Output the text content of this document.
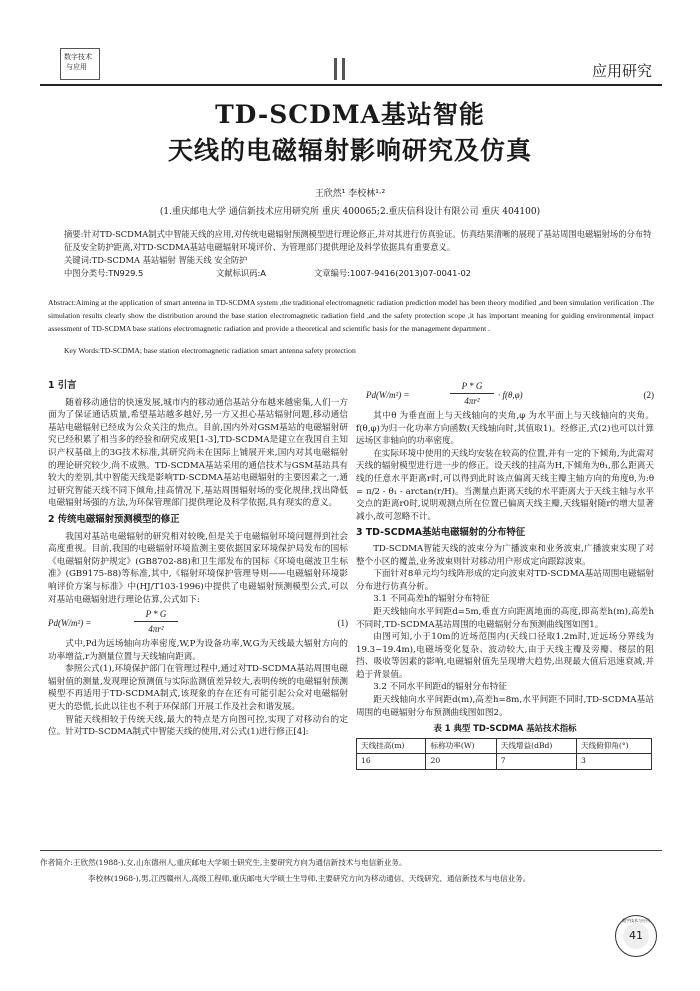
数字技术
与应用	应用研究
TD-SCDMA基站智能
天线的电磁辐射影响研究及仿真
王欣然¹ 李校林¹·²
(1.重庆邮电大学 通信新技术应用研究所 重庆 400065;2.重庆信科设计有限公司 重庆 404100)
摘要:针对TD-SCDMA制式中智能天线的应用,对传统电磁辐射预测模型进行理论修正,并对其进行仿真验证。仿真结果清晰的展现了基站周围电磁辐射场的分布特征及安全防护距离,对TD-SCDMA基站电磁辐射环境评价、为管理部门提供理论及科学依据具有重要意义。
关键词:TD-SCDMA 基站辐射 智能天线 安全防护
中图分类号:TN929.5	文献标识码:A	文章编号:1007-9416(2013)07-0041-02
Abstract:Aiming at the application of smart antenna in TD-SCDMA system ,the traditional electromagnetic radiation prediction model has been theory modified ,and been simulation verification .The simulation results clearly show the distribution around the base station electromagnetic radiation field ,and the safety protection scope ,it has important meaning for guiding environmental impact assessment of TD-SCDMA base stations electromagnetic radiation and provide a theoretical and scientific basis for the management department .
Key Words:TD-SCDMA; base station electromagnetic radiation smart antenna safety protection
1 引言

随着移动通信的快速发展,城市内的移动通信基站分布越来越密集,人们一方面为了保证通话质量,希望基站越多越好,另一方又担心基站辐射问题,移动通信基站电磁辐射已经成为公众关注的焦点。目前,国内外对GSM基站的电磁辐射研究已经积累了相当多的经验和研究成果[1-3],TD-SCDMA是建立在我国自主知识产权基础上的3G技术标准,其研究尚未在国际上铺展开来,国内对其电磁辐射的理论研究较少,尚不成熟。TD-SCDMA基站采用的通信技术与GSM基站具有较大的差别,其中智能天线是影响TD-SCDMA基站电磁辐射的主要因素之一,通过研究智能天线不同下倾角,挂高情况下,基站周围辐射场的变化规律,找出降低电磁辐射场强的方法,为环保管理部门提供理论及科学依据,具有现实的意义。

2 传统电磁辐射预测模型的修正

我国对基站电磁辐射的研究相对较晚,但是关于电磁辐射环境问题得到社会高度重视。目前,我国的电磁辐射环境监测主要依据国家环境保护局发布的国标《电磁辐射防护规定》(GB8702-88)和卫生部发布的国标《环境电磁波卫生标准》(GB9175-88)等标准,其中,《辐射环境保护管理导则——电磁辐射环境影响评价方案与标准》中(HJ/T103-1996)中提供了电磁辐射预测模型公式,可以对基站电磁辐射进行理论估算,公式如下:

Pd(W/m²) =
P * G
4πr²
(1)

式中,Pd为远场轴向功率密度,W,P为设备功率,W,G为天线最大辐射方向的功率增益,r为测量位置与天线轴向距离。

参照公式(1),环境保护部门在管理过程中,通过对TD-SCDMA基站周围电磁辐射值的测量,发现理论预测值与实际监测值差异较大,表明传统的电磁辐射预测模型不再适用于TD-SCDMA制式,该现象的存在还有可能引起公众对电磁辐射更大的恐慌,长此以往也不利于环保部门开展工作及社会和谐发展。

智能天线相较于传统天线,最大的特点是方向图可控,实现了对移动台的定位。针对TD-SCDMA制式中智能天线的使用,对公式(1)进行修正[4]:

Pd(W/m²) =
P * G
4πr²
· f(θ,φ)	(2)

其中θ 为垂直面上与天线轴向的夹角,φ 为水平面上与天线轴向的夹角。f(θ,φ)为归一化功率方向函数(天线轴向时,其值取1)。经修正,式(2)也可以计算远场区非轴向的功率密度。

在实际环境中使用的天线均安装在较高的位置,并有一定的下倾角,为此需对天线的辐射模型进行进一步的修正。设天线的挂高为H,下倾角为θ₁,那么距离天线的任意水平距离r时,可以得到此时该点偏离天线主瓣主轴方向的角度θ,为:θ = π/2 - θ₁ - arctan(r/H)。当测量点距离天线的水平距离大于天线主轴与水平交点的距离r0时,说明观测点所在位置已偏离天线主瓣,天线辐射随r的增大显著减小,故可忽略不计。

3 TD-SCDMA基站电磁辐射的分布特征

TD-SCDMA智能天线的波束分为广播波束和业务波束,广播波束实现了对整个小区的覆盖,业务波束则针对移动用户形成定向跟踪波束。

下面针对8单元均匀线阵形成的定向波束对TD-SCDMA基站周围电磁辐射分布进行仿真分析。

3.1 不同高差h的辐射分布特征

距天线轴向水平间距d=5m,垂直方向距离地面的高度,即高差h(m),高差h不同时,TD-SCDMA基站周围的电磁辐射分布预测曲线图如图1。

由图可知,小于10m的近场范围内(天线口径取1.2m时,近远场分界线为19.3~19.4m),电磁场变化复杂、波动较大,由于天线主瓣及旁瓣、楼层的阻挡、吸收等因素的影响,电磁辐射值先呈现增大趋势,出现最大值后迅速衰减,并趋于背景值。

3.2 不同水平间距d的辐射分布特征

距天线轴向水平间距d(m),高差h=8m,水平间距不同时,TD-SCDMA基站周围的电磁辐射分布预测曲线图如图2。

表 1 典型 TD-SCDMA 基站技术指标
天线挂高(m)	标称功率(W)	天线增益(dBd)	天线俯仰角(°)
16	20	7	3
作者简介:王欣然(1988-),女,山东德州人,重庆邮电大学硕士研究生,主要研究方向为通信新技术与电信新业务。
李校林(1968-),男,江西赣州人,高级工程师,重庆邮电大学硕士生导师,主要研究方向为移动通信、天线研究、通信新技术与电信业务。
数字技术与应用
41
